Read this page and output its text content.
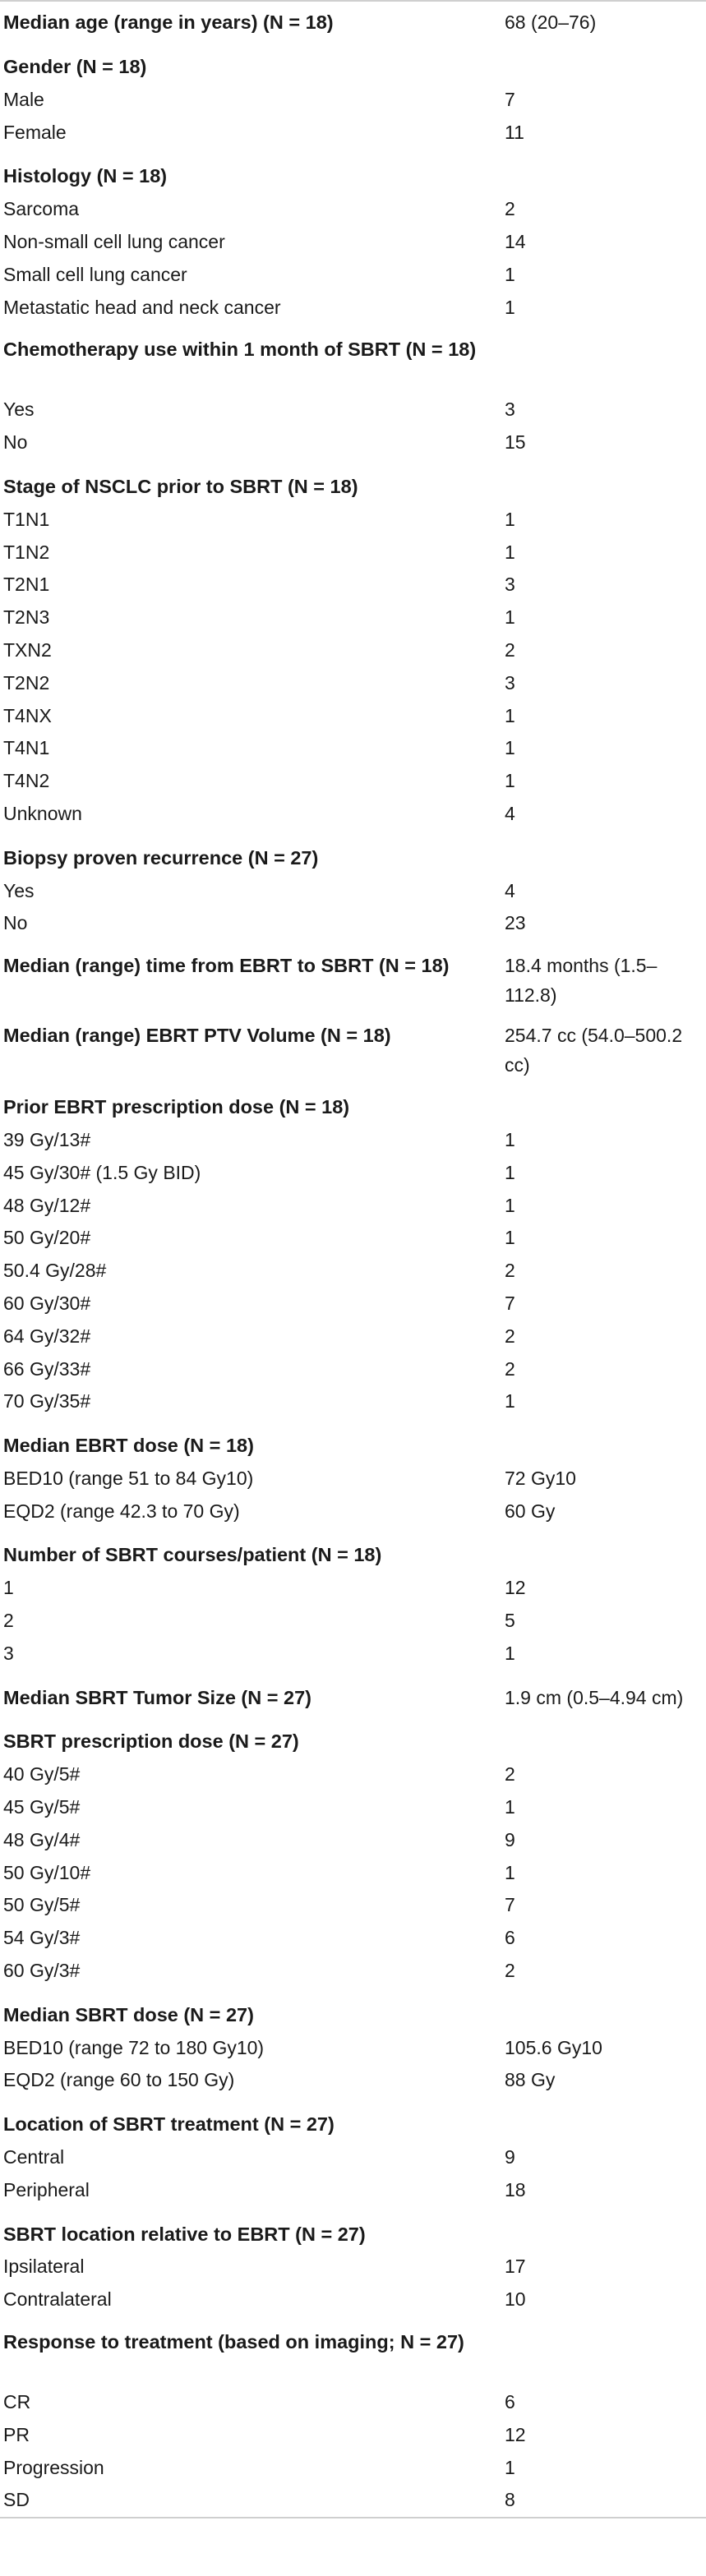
Median age (range in years) (N = 18)	68 (20–76)
Gender (N = 18)
Male	7
Female	11
Histology (N = 18)
Sarcoma	2
Non-small cell lung cancer	14
Small cell lung cancer	1
Metastatic head and neck cancer	1
Chemotherapy use within 1 month of SBRT (N = 18)
Yes	3
No	15
Stage of NSCLC prior to SBRT (N = 18)
T1N1	1
T1N2	1
T2N1	3
T2N3	1
TXN2	2
T2N2	3
T4NX	1
T4N1	1
T4N2	1
Unknown	4
Biopsy proven recurrence (N = 27)
Yes	4
No	23
Median (range) time from EBRT to SBRT (N = 18)	18.4 months (1.5–112.8)
Median (range) EBRT PTV Volume (N = 18)	254.7 cc (54.0–500.2 cc)
Prior EBRT prescription dose (N = 18)
39 Gy/13#	1
45 Gy/30# (1.5 Gy BID)	1
48 Gy/12#	1
50 Gy/20#	1
50.4 Gy/28#	2
60 Gy/30#	7
64 Gy/32#	2
66 Gy/33#	2
70 Gy/35#	1
Median EBRT dose (N = 18)
BED10 (range 51 to 84 Gy10)	72 Gy10
EQD2 (range 42.3 to 70 Gy)	60 Gy
Number of SBRT courses/patient (N = 18)
1	12
2	5
3	1
Median SBRT Tumor Size (N = 27)	1.9 cm (0.5–4.94 cm)
SBRT prescription dose (N = 27)
40 Gy/5#	2
45 Gy/5#	1
48 Gy/4#	9
50 Gy/10#	1
50 Gy/5#	7
54 Gy/3#	6
60 Gy/3#	2
Median SBRT dose (N = 27)
BED10 (range 72 to 180 Gy10)	105.6 Gy10
EQD2 (range 60 to 150 Gy)	88 Gy
Location of SBRT treatment (N = 27)
Central	9
Peripheral	18
SBRT location relative to EBRT (N = 27)
Ipsilateral	17
Contralateral	10
Response to treatment (based on imaging; N = 27)
CR	6
PR	12
Progression	1
SD	8
